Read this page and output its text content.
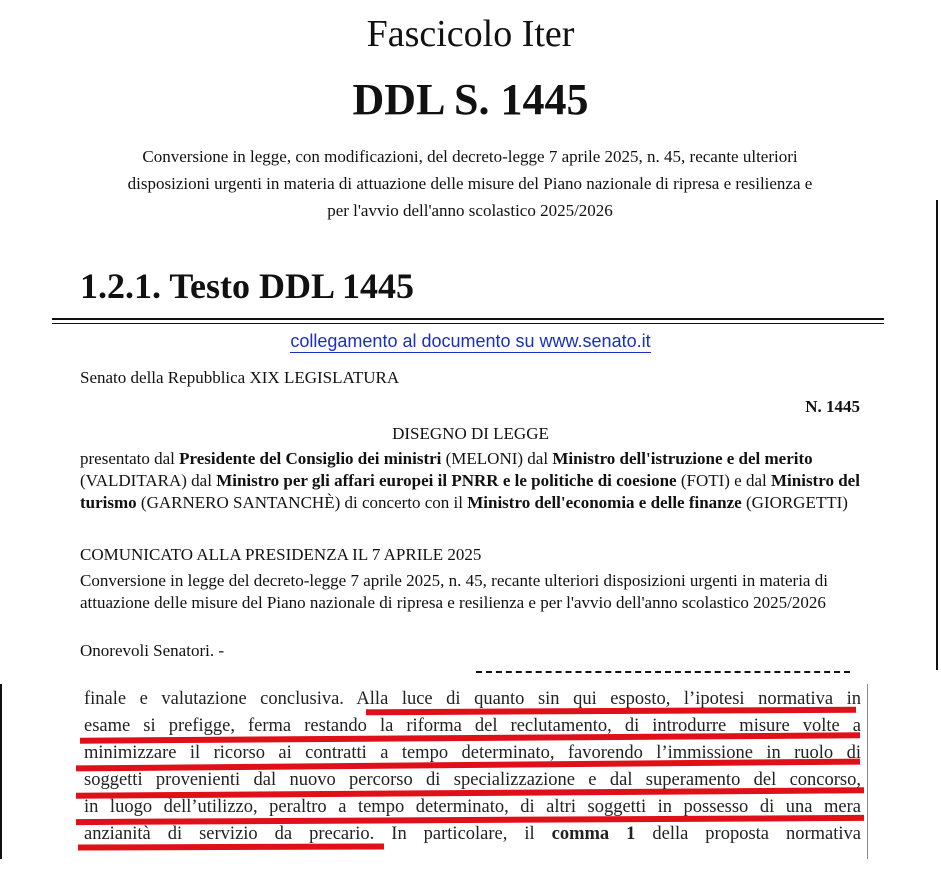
Fascicolo Iter
DDL S. 1445
Conversione in legge, con modificazioni, del decreto-legge 7 aprile 2025, n. 45, recante ulteriori
disposizioni urgenti in materia di attuazione delle misure del Piano nazionale di ripresa e resilienza e
per l'avvio dell'anno scolastico 2025/2026
1.2.1. Testo DDL 1445
collegamento al documento su www.senato.it
Senato della Repubblica XIX LEGISLATURA
N. 1445
DISEGNO DI LEGGE
presentato dal Presidente del Consiglio dei ministri (MELONI) dal Ministro dell'istruzione e del merito (VALDITARA) dal Ministro per gli affari europei il PNRR e le politiche di coesione (FOTI) e dal Ministro del turismo (GARNERO SANTANCHÈ) di concerto con il Ministro dell'economia e delle finanze (GIORGETTI)
COMUNICATO ALLA PRESIDENZA IL 7 APRILE 2025
Conversione in legge del decreto-legge 7 aprile 2025, n. 45, recante ulteriori disposizioni urgenti in materia di attuazione delle misure del Piano nazionale di ripresa e resilienza e per l'avvio dell'anno scolastico 2025/2026
Onorevoli Senatori. -
finale e valutazione conclusiva. Alla luce di quanto sin qui esposto, l’ipotesi normativa in
esame si prefigge, ferma restando la riforma del reclutamento, di introdurre misure volte a
minimizzare il ricorso ai contratti a tempo determinato, favorendo l’immissione in ruolo di
soggetti provenienti dal nuovo percorso di specializzazione e dal superamento del concorso,
in luogo dell’utilizzo, peraltro a tempo determinato, di altri soggetti in possesso di una mera
anzianità di servizio da precario. In particolare, il comma 1 della proposta normativa
